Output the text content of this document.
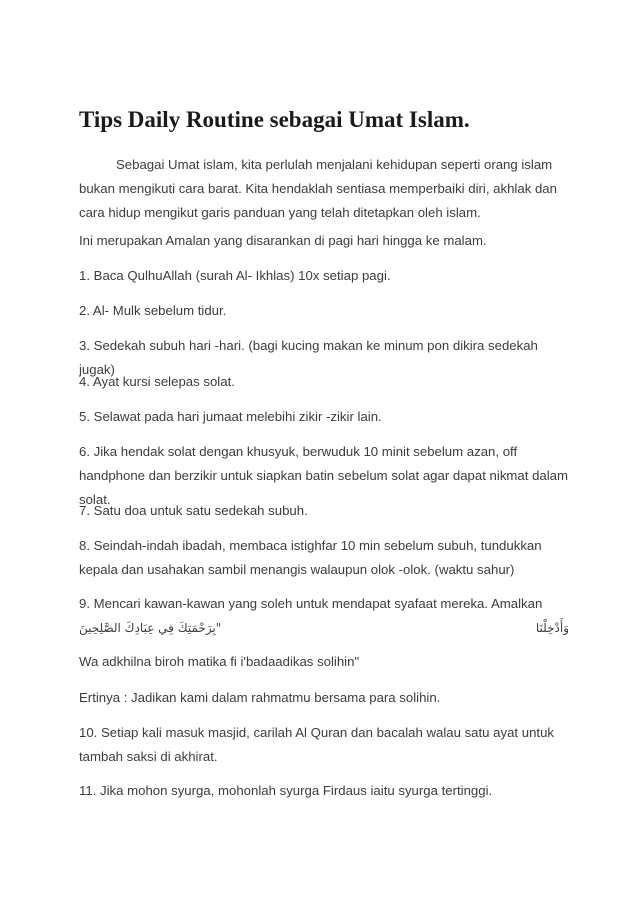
Tips Daily Routine sebagai Umat Islam.

Sebagai Umat islam, kita perlulah menjalani kehidupan seperti orang islam bukan mengikuti cara barat. Kita hendaklah sentiasa memperbaiki diri, akhlak dan cara hidup mengikut garis panduan yang telah ditetapkan oleh islam.

Ini merupakan Amalan yang disarankan di pagi hari hingga ke malam.

1. Baca QulhuAllah (surah Al- Ikhlas) 10x setiap pagi.

2. Al- Mulk sebelum tidur.

3. Sedekah subuh hari -hari. (bagi kucing makan ke minum pon dikira sedekah jugak)

4. Ayat kursi selepas solat.

5. Selawat pada hari jumaat melebihi zikir -zikir lain.

6. Jika hendak solat dengan khusyuk, berwuduk 10 minit sebelum azan, off handphone dan berzikir untuk siapkan batin sebelum solat agar dapat nikmat dalam solat.

7. Satu doa untuk satu sedekah subuh.

8. Seindah-indah ibadah, membaca istighfar 10 min sebelum subuh, tundukkan kepala dan usahakan sambil menangis walaupun olok -olok. (waktu sahur)

9. Mencari kawan-kawan yang soleh untuk mendapat syafaat mereka. Amalkan
وَأَدْخِلْنَا
"بِرَحْمَتِكَ فِي عِبَادِكَ الصَّلِحِينَ

Wa adkhilna biroh matika fi i'badaadikas solihin"

Ertinya : Jadikan kami dalam rahmatmu bersama para solihin.

10. Setiap kali masuk masjid, carilah Al Quran dan bacalah walau satu ayat untuk tambah saksi di akhirat.

11. Jika mohon syurga, mohonlah syurga Firdaus iaitu syurga tertinggi.
